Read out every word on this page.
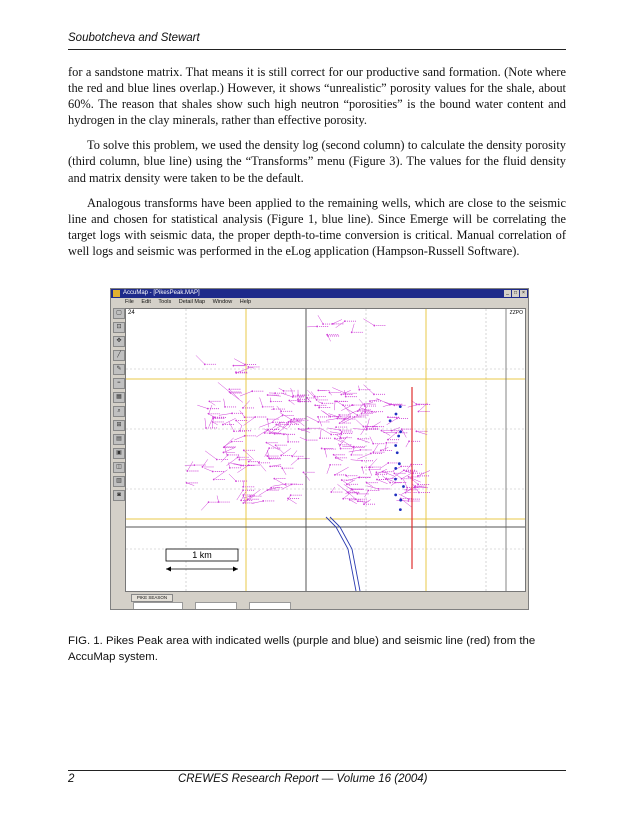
Soubotcheva and Stewart

for a sandstone matrix. That means it is still correct for our productive sand formation. (Note where the red and blue lines overlap.) However, it shows “unrealistic” porosity values for the shale, about 60%. The reason that shales show such high neutron “porosities” is the bound water content and hydrogen in the clay minerals, rather than effective porosity.

To solve this problem, we used the density log (second column) to calculate the density porosity (third column, blue line) using the “Transforms” menu (Figure 3). The values for the fluid density and matrix density were taken to be the default.

Analogous transforms have been applied to the remaining wells, which are close to the seismic line and chosen for statistical analysis (Figure 1, blue line). Since Emerge will be correlating the target logs with seismic data, the proper depth-to-time conversion is critical. Manual correlation of well logs and seismic was performed in the eLog application (Hampson-Russell Software).

AccuMap - [PikesPeak.MAP]	_	□	×
File Edit Tools Detail Map Window Help
▢
⊡
✥
╱
✎
≡
▦
⌕
⊞
▤
▣
◫
▥
◙
1 km
24	ZZPO
PIKE SEASON
FIG. 1. Pikes Peak area with indicated wells (purple and blue) and seismic line (red) from the AccuMap system.
2	CREWES Research Report — Volume 16 (2004)
